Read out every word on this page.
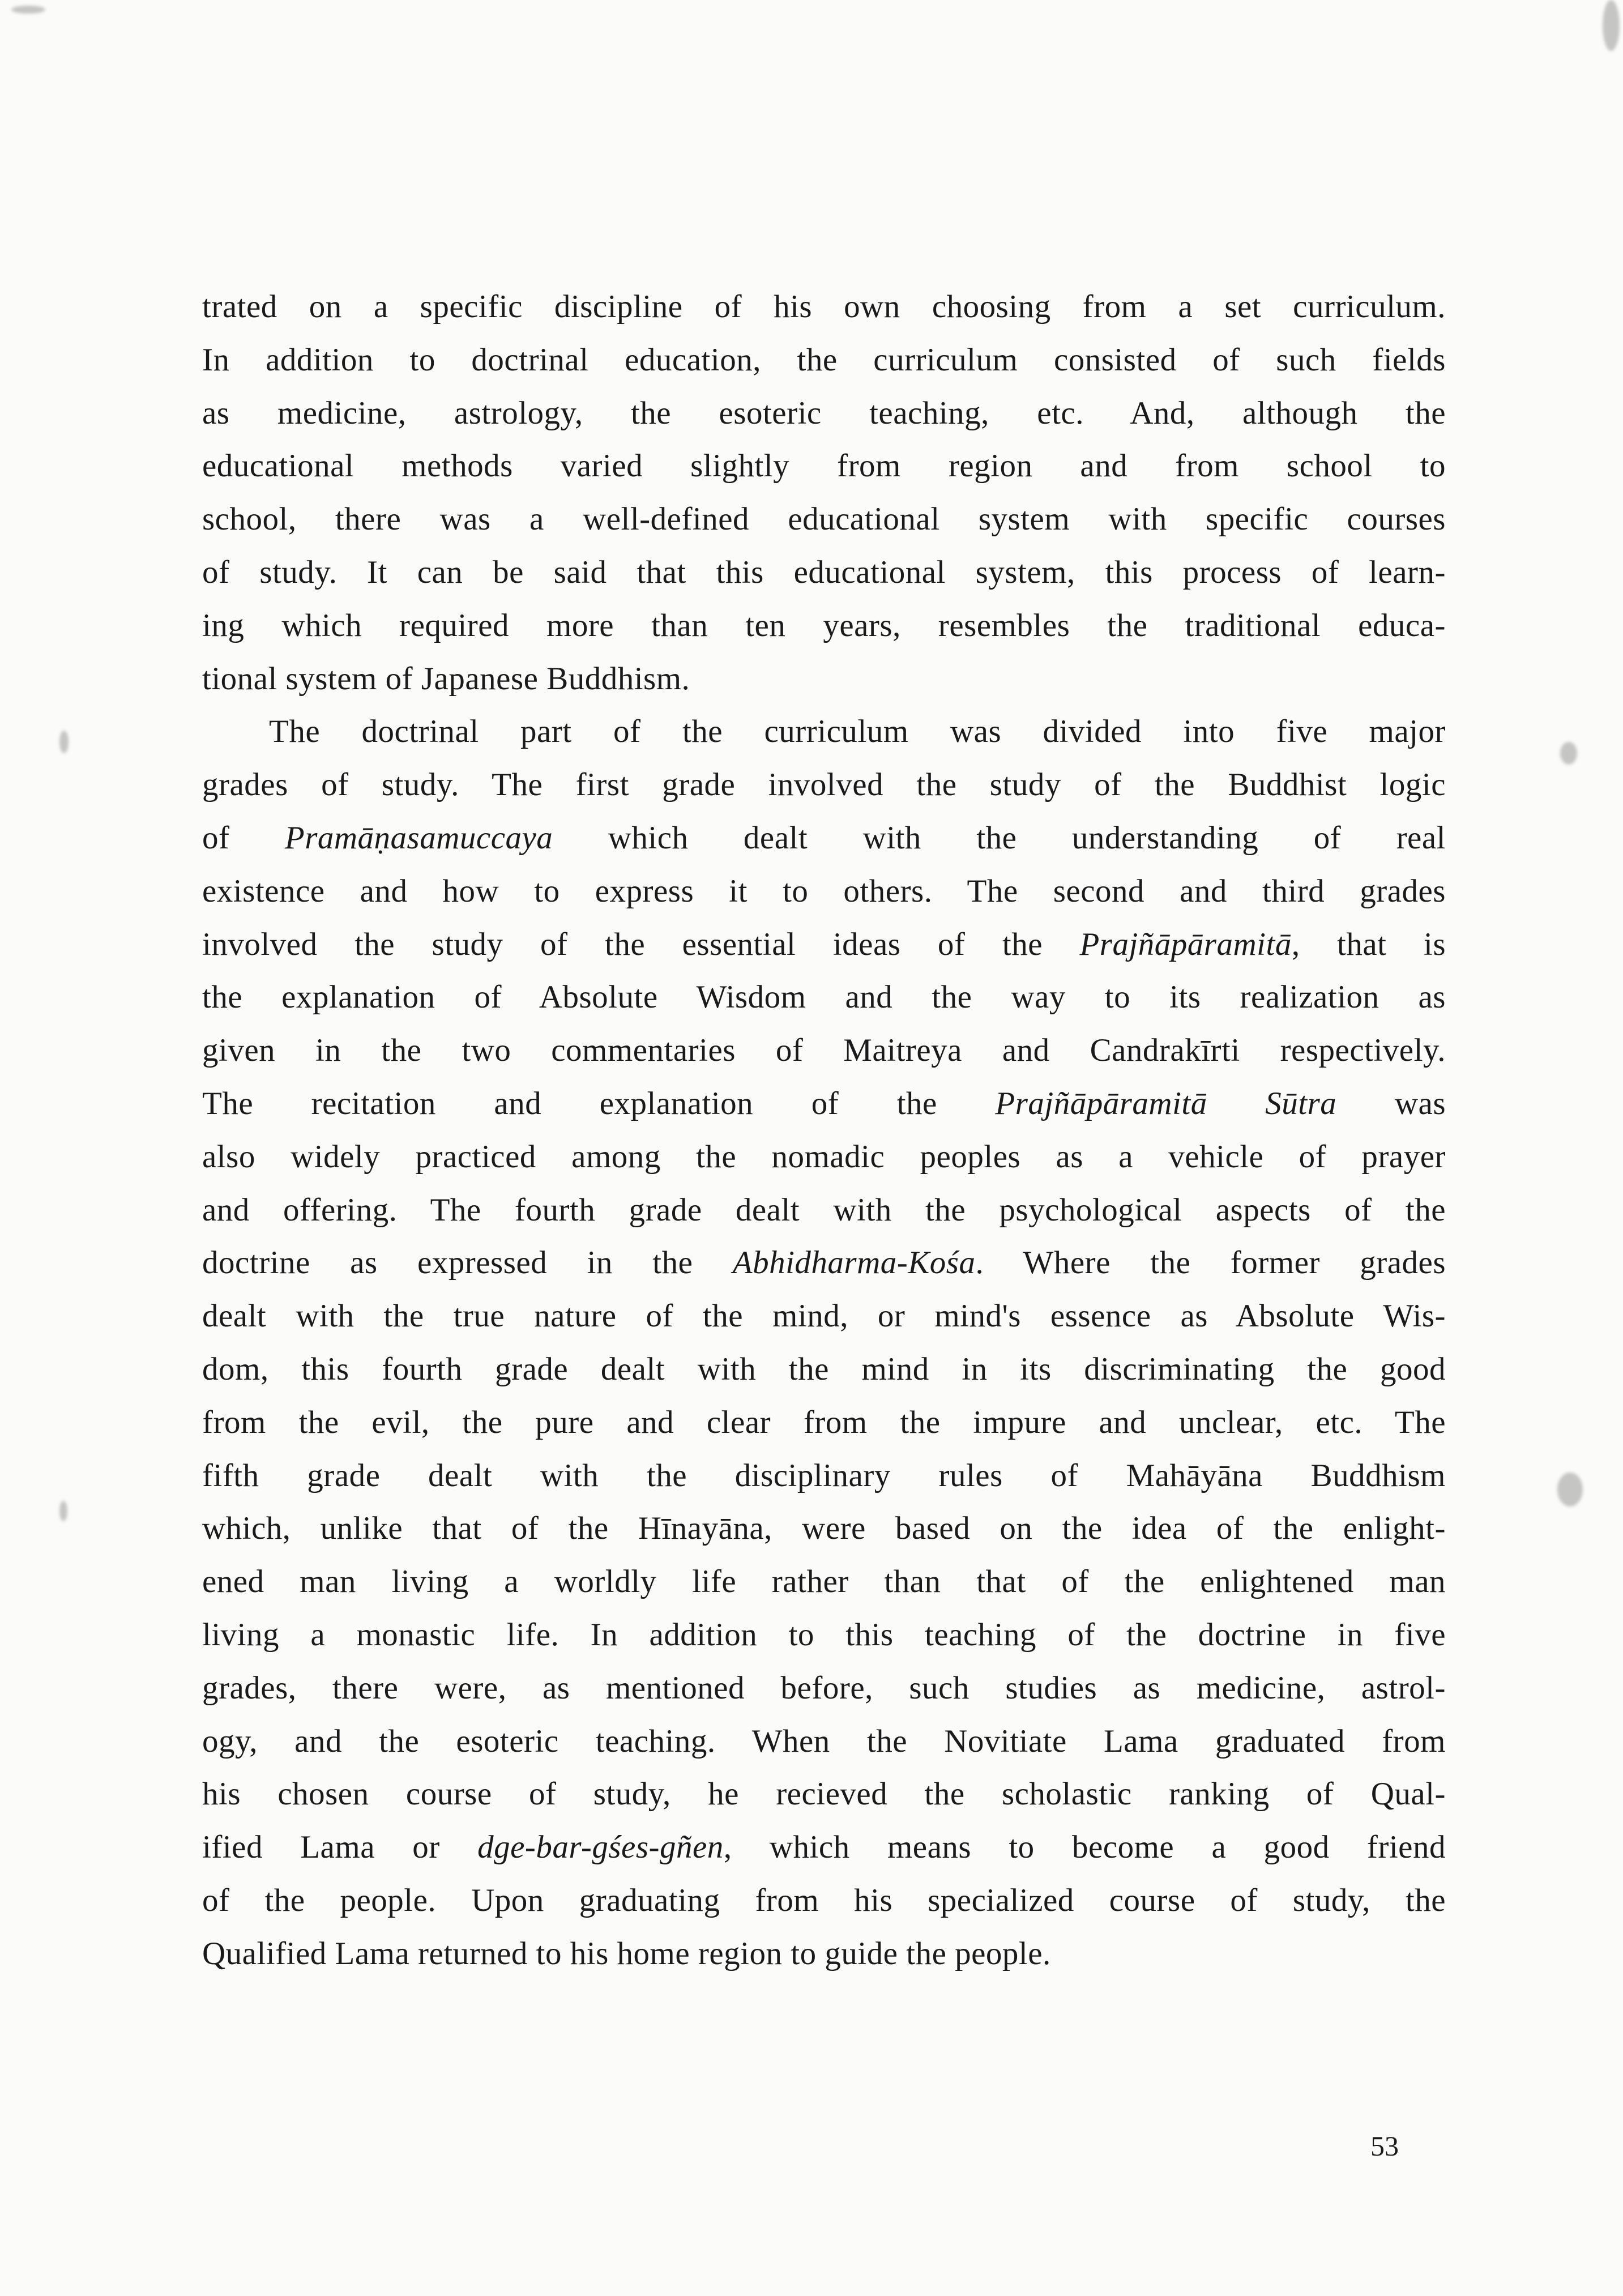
trated on a specific discipline of his own choosing from a set curriculum.
In addition to doctrinal education, the curriculum consisted of such fields
as medicine, astrology, the esoteric teaching, etc. And, although the
educational methods varied slightly from region and from school to
school, there was a well-defined educational system with specific courses
of study. It can be said that this educational system, this process of learn-
ing which required more than ten years, resembles the traditional educa-
tional system of Japanese Buddhism.
The doctrinal part of the curriculum was divided into five major
grades of study. The first grade involved the study of the Buddhist logic
of Pramāṇasamuccaya which dealt with the understanding of real
existence and how to express it to others. The second and third grades
involved the study of the essential ideas of the Prajñāpāramitā, that is
the explanation of Absolute Wisdom and the way to its realization as
given in the two commentaries of Maitreya and Candrakīrti respectively.
The recitation and explanation of the Prajñāpāramitā Sūtra was
also widely practiced among the nomadic peoples as a vehicle of prayer
and offering. The fourth grade dealt with the psychological aspects of the
doctrine as expressed in the Abhidharma-Kośa. Where the former grades
dealt with the true nature of the mind, or mind's essence as Absolute Wis-
dom, this fourth grade dealt with the mind in its discriminating the good
from the evil, the pure and clear from the impure and unclear, etc. The
fifth grade dealt with the disciplinary rules of Mahāyāna Buddhism
which, unlike that of the Hīnayāna, were based on the idea of the enlight-
ened man living a worldly life rather than that of the enlightened man
living a monastic life. In addition to this teaching of the doctrine in five
grades, there were, as mentioned before, such studies as medicine, astrol-
ogy, and the esoteric teaching. When the Novitiate Lama graduated from
his chosen course of study, he recieved the scholastic ranking of Qual-
ified Lama or dge-bar-gśes-gñen, which means to become a good friend
of the people. Upon graduating from his specialized course of study, the
Qualified Lama returned to his home region to guide the people.
53
